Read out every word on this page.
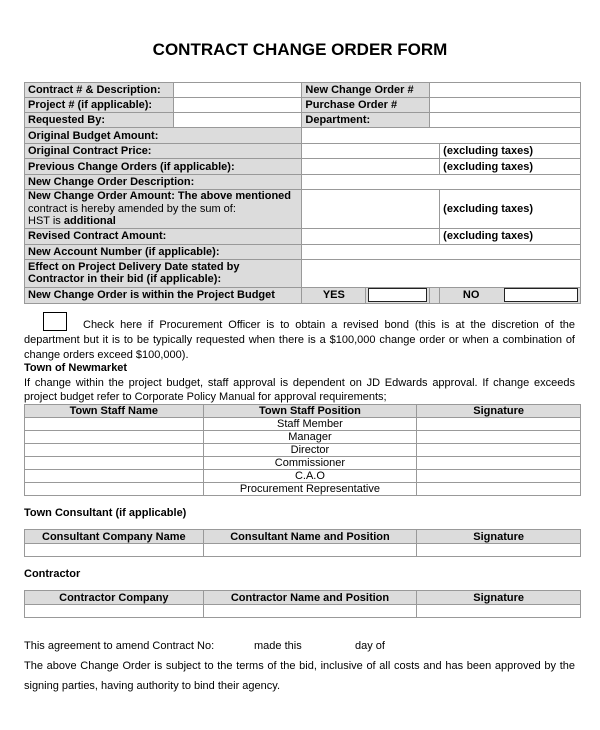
CONTRACT CHANGE ORDER FORM
Contract # & Description:		New Change Order #			
Project # (if applicable):		Purchase Order #			
Requested By:		Department:			
Original Budget Amount:					
Original Contract Price:					(excluding taxes)
Previous Change Orders (if applicable):					(excluding taxes)
New Change Order Description:					
New Change Order Amount: The above mentioned
contract is hereby amended by the sum of:
HST is additional					(excluding taxes)
Revised Contract Amount:					(excluding taxes)
New Account Number (if applicable):					
Effect on Project Delivery Date stated by
Contractor in their bid (if applicable):					
New Change Order is within the Project Budget		YES			NO
Check here if Procurement Officer is to obtain a revised bond (this is at the discretion of the
department but it is to be typically requested when there is a $100,000 change order or when a combination of
change orders exceed $100,000).
Town of Newmarket
If change within the project budget, staff approval is dependent on JD Edwards approval. If change exceeds
project budget refer to Corporate Policy Manual for approval requirements;
Town Staff Name	Town Staff Position	Signature
	Staff Member	
	Manager	
	Director	
	Commissioner	
	C.A.O	
	Procurement Representative	
Town Consultant (if applicable)
Consultant Company Name	Consultant Name and Position	Signature

Contractor
Contractor Company	Contractor Name and Position	Signature

This agreement to amend Contract No:	made this	day of
The above Change Order is subject to the terms of the bid, inclusive of all costs and has been approved by the
signing parties, having authority to bind their agency.
